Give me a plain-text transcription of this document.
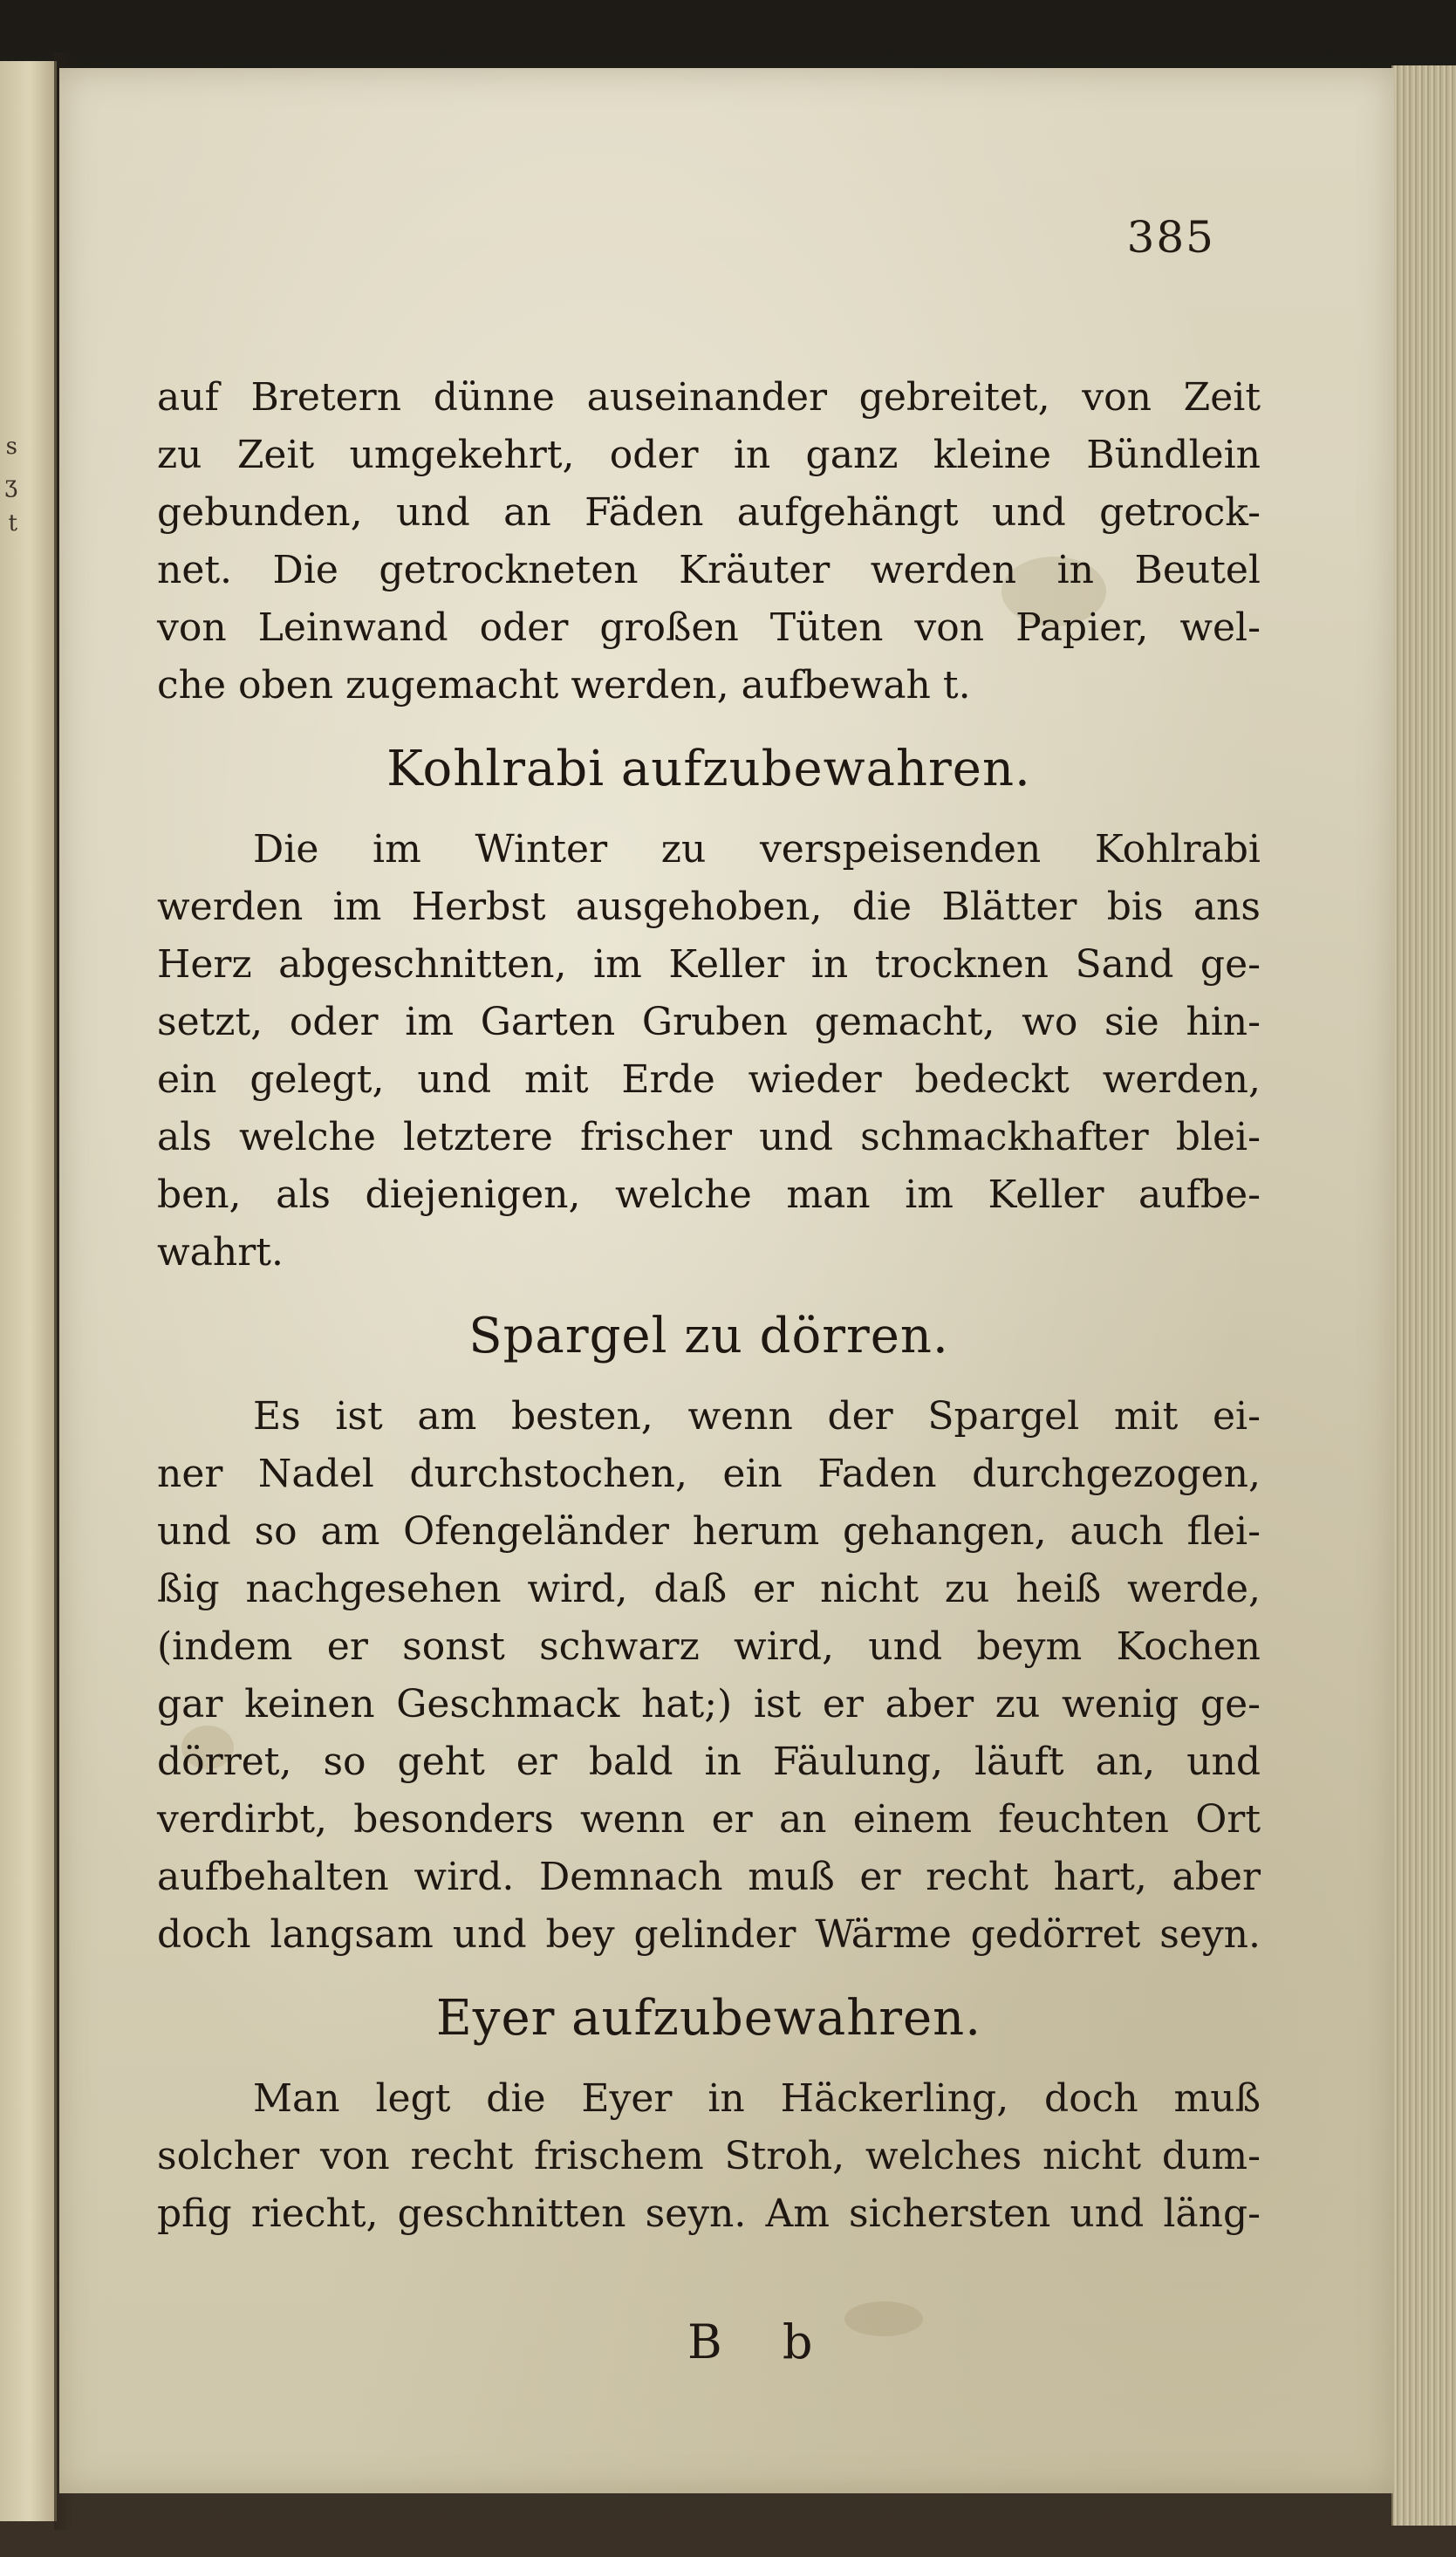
s
ʒ
t
385
auf Bretern dünne auseinander gebreitet, von Zeit
zu Zeit umgekehrt, oder in ganz kleine Bündlein
gebunden, und an Fäden aufgehängt und getrock-
net. Die getrockneten Kräuter werden in Beutel
von Leinwand oder großen Tüten von Papier, wel-
che oben zugemacht werden, aufbewah t.
Kohlrabi aufzubewahren.
Die im Winter zu verspeisenden Kohlrabi
werden im Herbst ausgehoben, die Blätter bis ans
Herz abgeschnitten, im Keller in trocknen Sand ge-
setzt, oder im Garten Gruben gemacht, wo sie hin-
ein gelegt, und mit Erde wieder bedeckt werden,
als welche letztere frischer und schmackhafter blei-
ben, als diejenigen, welche man im Keller aufbe-
wahrt.
Spargel zu dörren.
Es ist am besten, wenn der Spargel mit ei-
ner Nadel durchstochen, ein Faden durchgezogen,
und so am Ofengeländer herum gehangen, auch flei-
ßig nachgesehen wird, daß er nicht zu heiß werde,
(indem er sonst schwarz wird, und beym Kochen
gar keinen Geschmack hat;) ist er aber zu wenig ge-
dörret, so geht er bald in Fäulung, läuft an, und
verdirbt, besonders wenn er an einem feuchten Ort
aufbehalten wird. Demnach muß er recht hart, aber
doch langsam und bey gelinder Wärme gedörret seyn.
Eyer aufzubewahren.
Man legt die Eyer in Häckerling, doch muß
solcher von recht frischem Stroh, welches nicht dum-
pfig riecht, geschnitten seyn. Am sichersten und läng-
B b
